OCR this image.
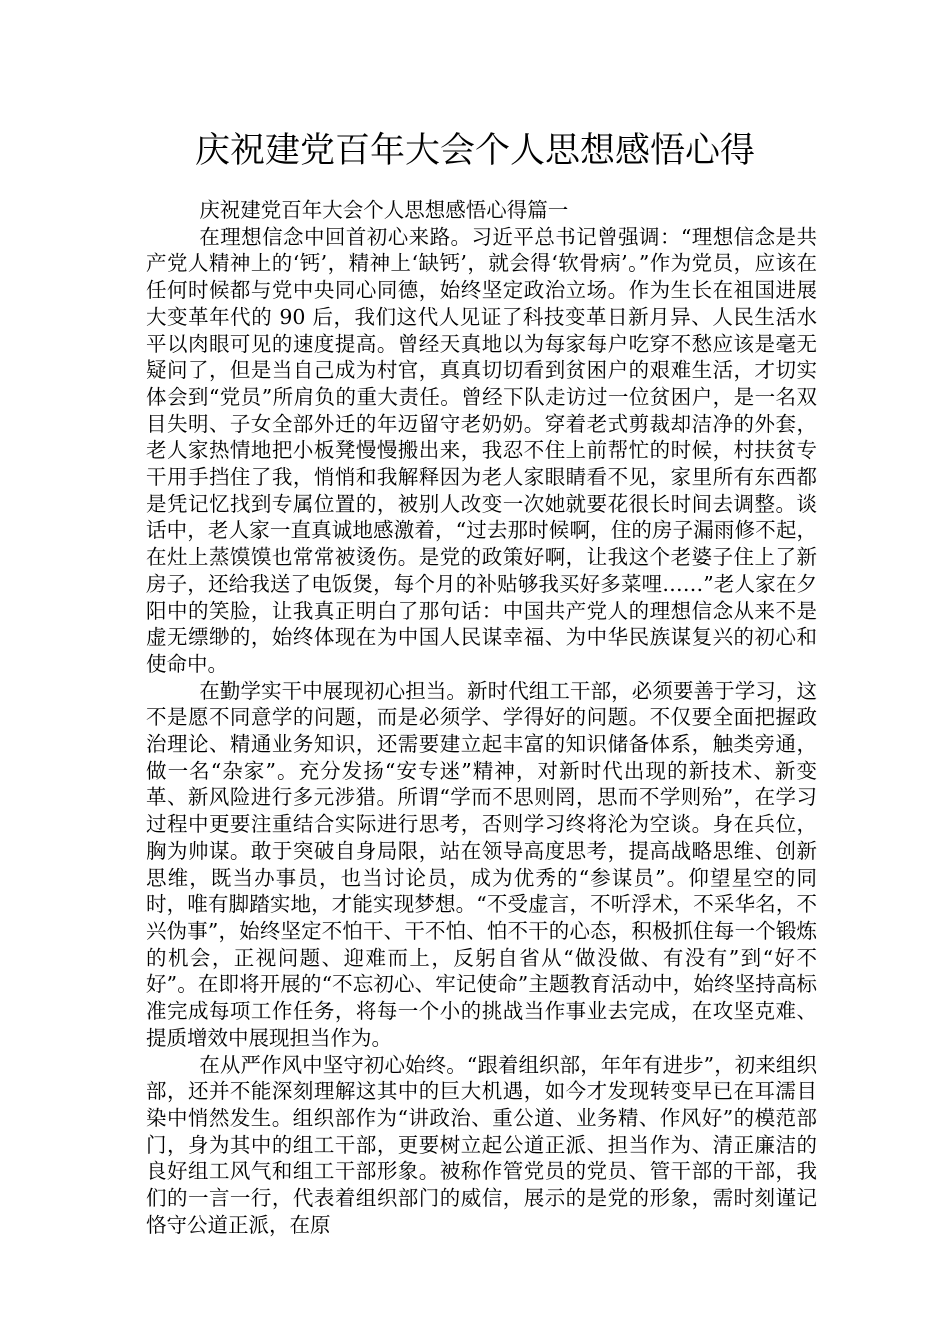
庆祝建党百年大会个人思想感悟心得

庆祝建党百年大会个人思想感悟心得篇一

在理想信念中回首初心来路。习近平总书记曾强调：“理想信念是共产党人精神上的‘钙’，精神上‘缺钙’，就会得‘软骨病’。”作为党员，应该在任何时候都与党中央同心同德，始终坚定政治立场。作为生长在祖国进展大变革年代的 90 后，我们这代人见证了科技变革日新月异、人民生活水平以肉眼可见的速度提高。曾经天真地以为每家每户吃穿不愁应该是毫无疑问了，但是当自己成为村官，真真切切看到贫困户的艰难生活，才切实体会到“党员”所肩负的重大责任。曾经下队走访过一位贫困户，是一名双目失明、子女全部外迁的年迈留守老奶奶。穿着老式剪裁却洁净的外套，老人家热情地把小板凳慢慢搬出来，我忍不住上前帮忙的时候，村扶贫专干用手挡住了我，悄悄和我解释因为老人家眼睛看不见，家里所有东西都是凭记忆找到专属位置的，被别人改变一次她就要花很长时间去调整。谈话中，老人家一直真诚地感激着，“过去那时候啊，住的房子漏雨修不起，在灶上蒸馍馍也常常被烫伤。是党的政策好啊，让我这个老婆子住上了新房子，还给我送了电饭煲，每个月的补贴够我买好多菜哩……”老人家在夕阳中的笑脸，让我真正明白了那句话：中国共产党人的理想信念从来不是虚无缥缈的，始终体现在为中国人民谋幸福、为中华民族谋复兴的初心和使命中。

在勤学实干中展现初心担当。新时代组工干部，必须要善于学习，这不是愿不同意学的问题，而是必须学、学得好的问题。不仅要全面把握政治理论、精通业务知识，还需要建立起丰富的知识储备体系，触类旁通，做一名“杂家”。充分发扬“安专迷”精神，对新时代出现的新技术、新变革、新风险进行多元涉猎。所谓“学而不思则罔，思而不学则殆”，在学习过程中更要注重结合实际进行思考，否则学习终将沦为空谈。身在兵位，胸为帅谋。敢于突破自身局限，站在领导高度思考，提高战略思维、创新思维，既当办事员，也当讨论员，成为优秀的“参谋员”。仰望星空的同时，唯有脚踏实地，才能实现梦想。“不受虚言，不听浮术，不采华名，不兴伪事”，始终坚定不怕干、干不怕、怕不干的心态，积极抓住每一个锻炼的机会，正视问题、迎难而上，反躬自省从“做没做、有没有”到“好不好”。在即将开展的“不忘初心、牢记使命”主题教育活动中，始终坚持高标准完成每项工作任务，将每一个小的挑战当作事业去完成，在攻坚克难、提质增效中展现担当作为。

在从严作风中坚守初心始终。“跟着组织部，年年有进步”，初来组织部，还并不能深刻理解这其中的巨大机遇，如今才发现转变早已在耳濡目染中悄然发生。组织部作为“讲政治、重公道、业务精、作风好”的模范部门，身为其中的组工干部，更要树立起公道正派、担当作为、清正廉洁的良好组工风气和组工干部形象。被称作管党员的党员、管干部的干部，我们的一言一行，代表着组织部门的威信，展示的是党的形象，需时刻谨记恪守公道正派，在原
